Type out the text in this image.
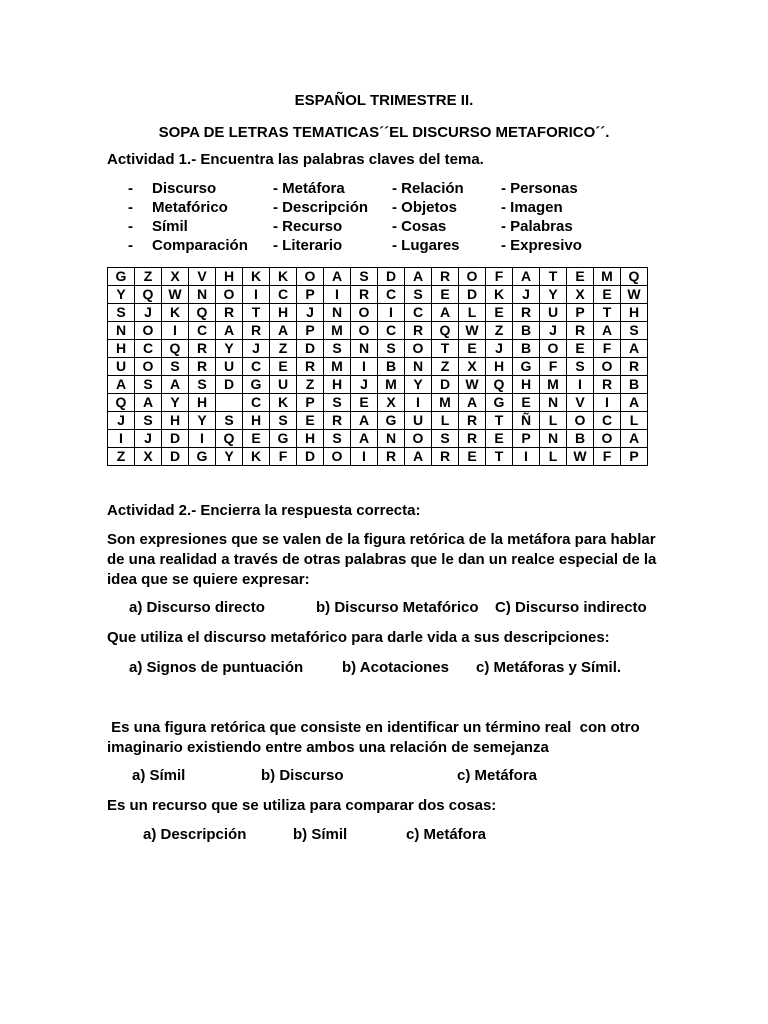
ESPAÑOL TRIMESTRE II.
SOPA DE LETRAS TEMATICAS´´EL DISCURSO METAFORICO´´.
Actividad 1.- Encuentra las palabras claves del tema.
- Discurso	- Metáfora	- Relación - Personas
- Metafórico	- Descripción - Objetos	- Imagen
- Símil	- Recurso	- Cosas	- Palabras
- Comparación - Literario	- Lugares	- Expresivo
G	Z	X	V	H	K	K	O	A	S	D	A	R	O	F	A	T	E	M	Q
Y	Q	W	N	O	I	C	P	I	R	C	S	E	D	K	J	Y	X	E	W
S	J	K	Q	R	T	H	J	N	O	I	C	A	L	E	R	U	P	T	H
N	O	I	C	A	R	A	P	M	O	C	R	Q	W	Z	B	J	R	A	S
H	C	Q	R	Y	J	Z	D	S	N	S	O	T	E	J	B	O	E	F	A
U	O	S	R	U	C	E	R	M	I	B	N	Z	X	H	G	F	S	O	R
A	S	A	S	D	G	U	Z	H	J	M	Y	D	W	Q	H	M	I	R	B
Q	A	Y	H		C	K	P	S	E	X	I	M	A	G	E	N	V	I	A
J	S	H	Y	S	H	S	E	R	A	G	U	L	R	T	Ñ	L	O	C	L
I	J	D	I	Q	E	G	H	S	A	N	O	S	R	E	P	N	B	O	A
Z	X	D	G	Y	K	F	D	O	I	R	A	R	E	T	I	L	W	F	P
Actividad 2.- Encierra la respuesta correcta:
Son expresiones que se valen de la figura retórica de la metáfora para hablar de una realidad a través de otras palabras que le dan un realce especial de la idea que se quiere expresar:
a) Discurso directo	b) Discurso Metafórico C) Discurso indirecto
Que utiliza el discurso metafórico para darle vida a sus descripciones:
a) Signos de puntuación	b) Acotaciones c) Metáforas y Símil.
Es una figura retórica que consiste en identificar un término real  con otro imaginario existiendo entre ambos una relación de semejanza
a) Símil	b) Discurso	c) Metáfora
Es un recurso que se utiliza para comparar dos cosas:
a) Descripción	b) Símil	c) Metáfora
